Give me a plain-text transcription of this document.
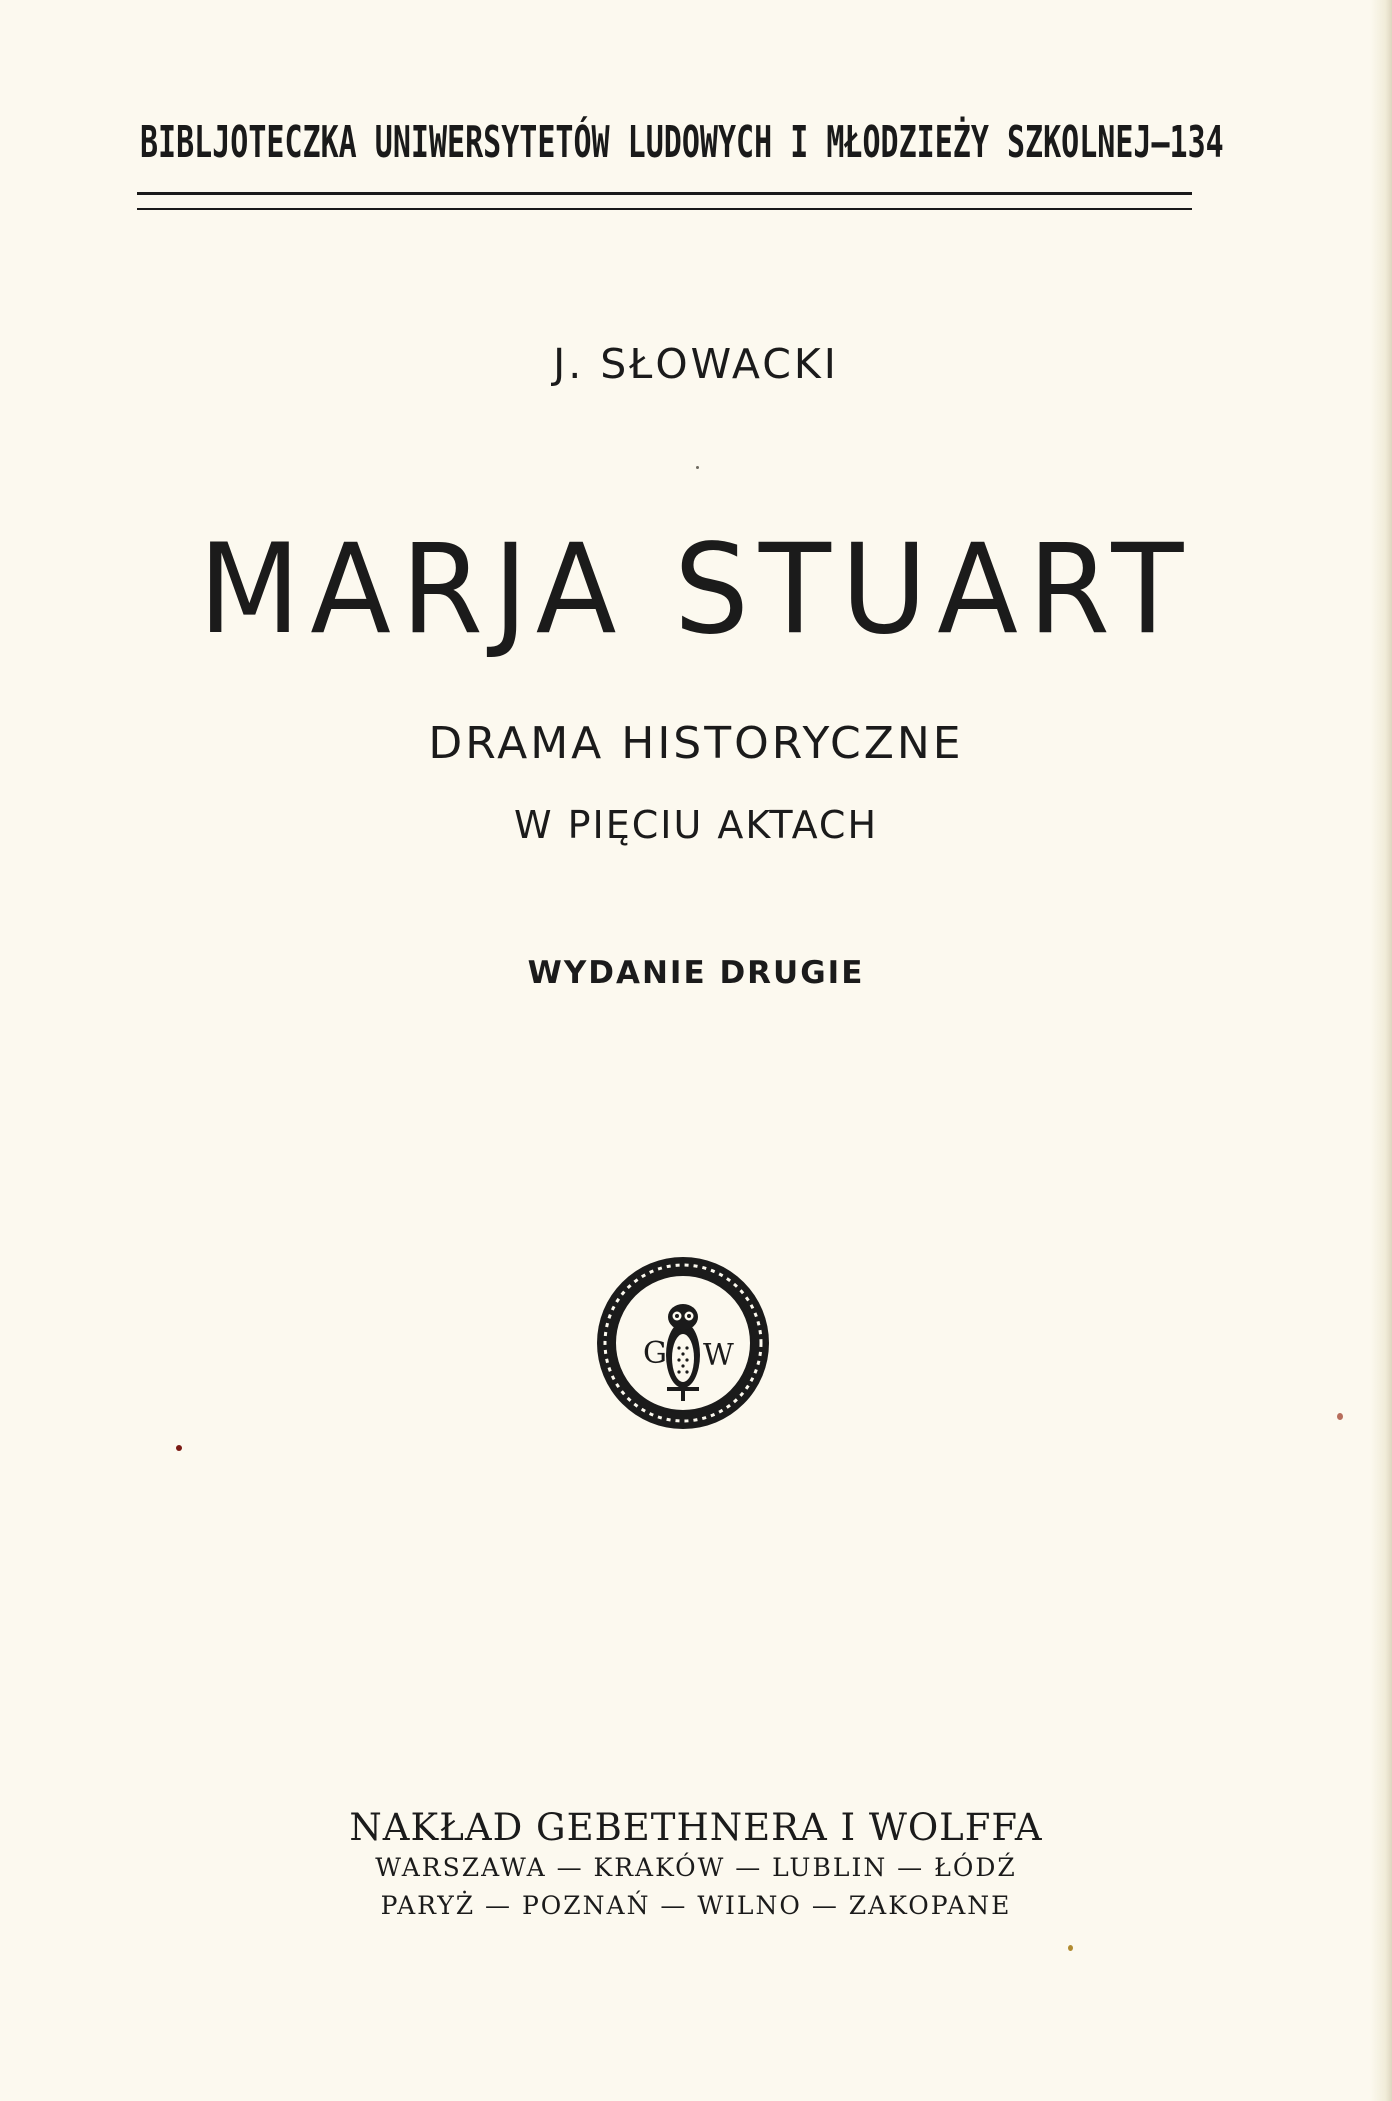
BIBLJOTECZKA UNIWERSYTETÓW LUDOWYCH I MŁODZIEŻY SZKOLNEJ—134
J. SŁOWACKI
MARJA STUART
DRAMA HISTORYCZNE
W PIĘCIU AKTACH
WYDANIE DRUGIE
G W
NAKŁAD GEBETHNERA I WOLFFA
WARSZAWA — KRAKÓW — LUBLIN — ŁÓDŹ
PARYŻ — POZNAŃ — WILNO — ZAKOPANE
